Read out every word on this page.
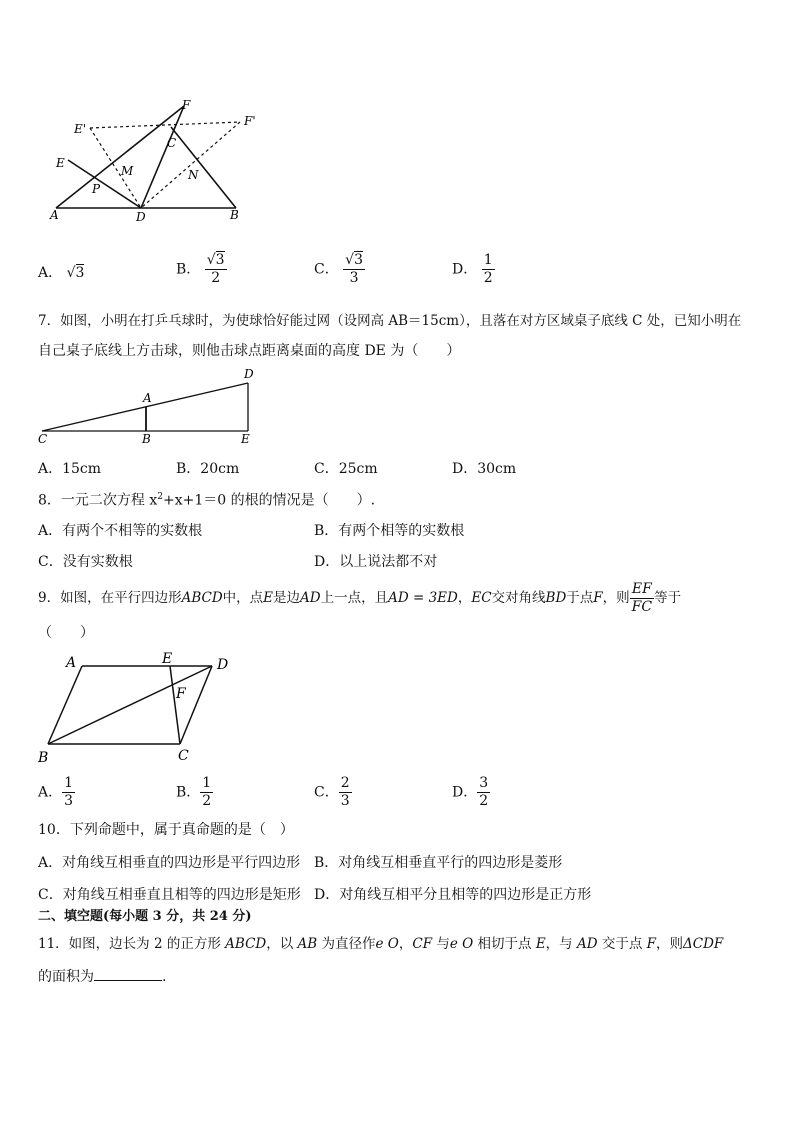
A	D	B
F
C
E
E'
F'
M	N
P
A． √3	B． $\frac{√3}{2}$	C． $\frac{√3}{3}$	D． $\frac{1}{2}$
7．如图，小明在打乒乓球时，为使球恰好能过网（设网高 AB＝15cm），且落在对方区域桌子底线 C 处，已知小明在
自己桌子底线上方击球，则他击球点距离桌面的高度 DE 为（　　）
C	B	E
A
D
A．15cm	B．20cm	C．25cm	D．30cm
8．一元二次方程 $x^2+x+1=0$ 的根的情况是（　　）.
A．有两个不相等的实数根	B．有两个相等的实数根
C．没有实数根	D．以上说法都不对
9．如图，在平行四边形 ABCD 中，点 E 是边 AD 上一点，且 AD = 3ED ， EC 交对角线 BD 于点 F ，则 $\frac{EF}{FC}$ 等于
（　　）
A	E	D
F
B	C
A． $\frac{1}{3}$	B． $\frac{1}{2}$	C． $\frac{2}{3}$	D． $\frac{3}{2}$
10．下列命题中，属于真命题的是（　）
A．对角线互相垂直的四边形是平行四边形 B．对角线互相垂直平行的四边形是菱形
C．对角线互相垂直且相等的四边形是矩形 D．对角线互相平分且相等的四边形是正方形
二、填空题(每小题 3 分，共 24 分)
11．如图，边长为 2 的正方形 ABCD，以 AB 为直径作e O，CF 与e O 相切于点 E，与 AD 交于点 F，则ΔCDF
的面积为	.
